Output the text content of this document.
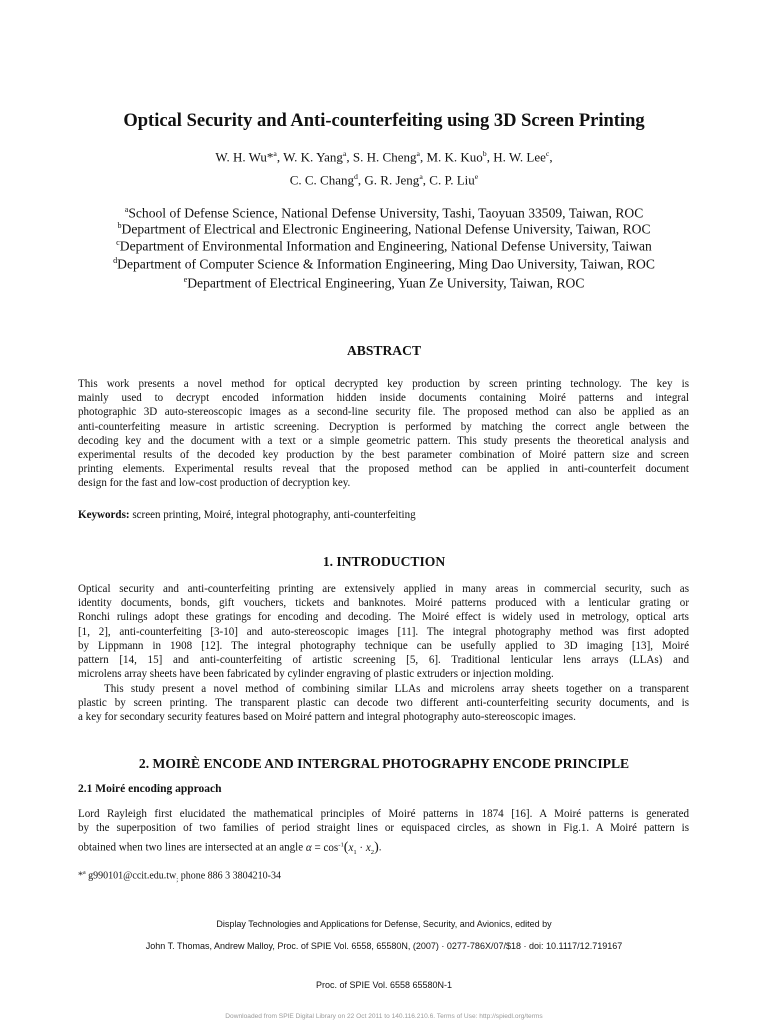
Optical Security and Anti-counterfeiting using 3D Screen Printing
W. H. Wu*$^a$, W. K. Yang$^a$, S. H. Cheng$^a$, M. K. Kuo$^b$, H. W. Lee$^c$,
C. C. Chang$^d$, G. R. Jeng$^a$, C. P. Liu$^e$
$^a$School of Defense Science, National Defense University, Tashi, Taoyuan 33509, Taiwan, ROC
$^b$Department of Electrical and Electronic Engineering, National Defense University, Taiwan, ROC
$^c$Department of Environmental Information and Engineering, National Defense University, Taiwan
$^d$Department of Computer Science & Information Engineering, Ming Dao University, Taiwan, ROC
$^e$Department of Electrical Engineering, Yuan Ze University, Taiwan, ROC
ABSTRACT
This work presents a novel method for optical decrypted key production by screen printing technology. The key is
mainly used to decrypt encoded information hidden inside documents containing Moiré patterns and integral
photographic 3D auto-stereoscopic images as a second-line security file. The proposed method can also be applied as an
anti-counterfeiting measure in artistic screening. Decryption is performed by matching the correct angle between the
decoding key and the document with a text or a simple geometric pattern. This study presents the theoretical analysis and
experimental results of the decoded key production by the best parameter combination of Moiré pattern size and screen
printing elements. Experimental results reveal that the proposed method can be applied in anti-counterfeit document
design for the fast and low-cost production of decryption key.
Keywords: screen printing, Moiré, integral photography, anti-counterfeiting
1. INTRODUCTION
Optical security and anti-counterfeiting printing are extensively applied in many areas in commercial security, such as
identity documents, bonds, gift vouchers, tickets and banknotes. Moiré patterns produced with a lenticular grating or
Ronchi rulings adopt these gratings for encoding and decoding. The Moiré effect is widely used in metrology, optical arts
[1, 2], anti-counterfeiting [3-10] and auto-stereoscopic images [11]. The integral photography method was first adopted
by Lippmann in 1908 [12]. The integral photography technique can be usefully applied to 3D imaging [13], Moiré
pattern [14, 15] and anti-counterfeiting of artistic screening [5, 6]. Traditional lenticular lens arrays (LLAs) and
microlens array sheets have been fabricated by cylinder engraving of plastic extruders or injection molding.
This study present a novel method of combining similar LLAs and microlens array sheets together on a transparent
plastic by screen printing. The transparent plastic can decode two different anti-counterfeiting security documents, and is
a key for secondary security features based on Moiré pattern and integral photography auto-stereoscopic images.
2. MOIRÈ ENCODE AND INTERGRAL PHOTOGRAPHY ENCODE PRINCIPLE
2.1 Moiré encoding approach
Lord Rayleigh first elucidated the mathematical principles of Moiré patterns in 1874 [16]. A Moiré patterns is generated
by the superposition of two families of period straight lines or equispaced circles, as shown in Fig.1. A Moiré pattern is
obtained when two lines are intersected at an angle $\alpha = \cos^{-1}(x_1 \cdot x_2)$.
*$^a$ $g990101@ccit.edu.tw_;$ phone 886 3 3804210-34
Display Technologies and Applications for Defense, Security, and Avionics, edited by
John T. Thomas, Andrew Malloy, Proc. of SPIE Vol. 6558, 65580N, (2007) · 0277-786X/07/$18 · doi: 10.1117/12.719167
Proc. of SPIE Vol. 6558 65580N-1
Downloaded from SPIE Digital Library on 22 Oct 2011 to 140.116.210.6. Terms of Use: http://spiedl.org/terms
